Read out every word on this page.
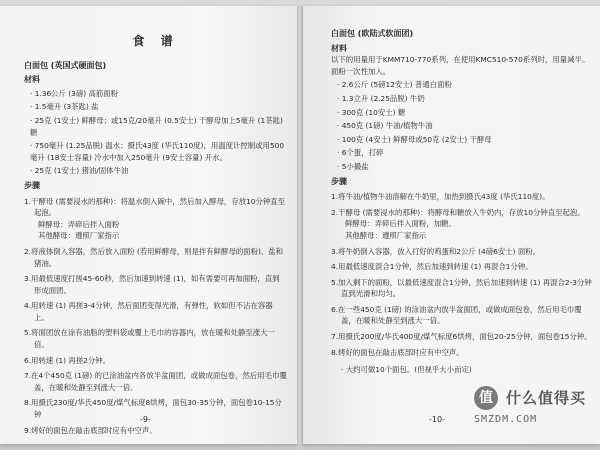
食 谱
白面包 (英国式硬面包)
材料
· 1.36公斤 (3磅) 高筋面粉
· 1.5毫升 (3茶匙) 盐
· 25克 (1安士) 鲜酵母；或15克/20毫升 (0.5安士) 干酵母加上5毫升 (1茶匙) 糖
· 750毫升 (1.25品脱) 温水；摄氏43度 (华氏110度)，用温度计控制或用500毫升 (18安士容量) 冷水中加入250毫升 (9安士容量) 开水。
· 25克 (1安士) 猪油/固体牛油
步骤
1.干酵母 (需要浸水的那种)：将温水倒入碗中，然后加入酵母，存放10分钟直至起泡。
鲜酵母：弄碎后拌入面粉
其他酵母：遵照厂家指示
2.将液体倒入容器，然后放入面粉 (若用鲜酵母，则是拌有鲜酵母的面粉)、盐和猪油。
3.用最低速度打搓45-60秒，然后加速到转速 (1)，如有需要可再加面粉，直到形成面团。
4.用转速 (1) 再搓3-4分钟，然后面团变得光滑，有弹性，软如但不沾在容器上。
5.将面团放在涂有油脂的塑料袋或覆上毛巾的容器内，放在暖和处静至涨大一倍。
6.用转速 (1) 再搓2分钟。
7.在4个450克 (1磅) 的已涂油盆内各放半盆面团，或做成面包卷，然后用毛巾覆盖，在暖和处静至到涨大一倍。
8.用摄氏230度/华氏450度/煤气标度8烘烤，面包30-35分钟，面包卷10-15分钟
9.烤好的面包在敲击底部时应有中空声。
-9-
白面包 (欧陆式软面团)
材料
以下的用量用于KMM710-770系列，在使用KMC510-570系列时，用量减半。面粉一次性加入。
· 2.6公斤 (5磅12安士) 普通白面粉
· 1.3立升 (2.25品脱) 牛奶
· 300克 (10安士) 糖
· 450克 (1磅) 牛油/植物牛油
· 100克 (4安士) 鲜酵母或50克 (2安士) 干酵母
· 6个蛋，打碎
· 5小撮盐
步骤
1.将牛油/植物牛油溶解在牛奶里，加热到摄氏43度 (华氏110度)。
2.干酵母 (需要浸水的那种)：将酵母和糖放入牛奶内，存放10分钟直至起泡。
鲜酵母：弄碎后拌入面粉，加糖。
其他酵母：遵照厂家指示
3.将牛奶倒入容器，放入打好的鸡蛋和2公斤 (4磅6安士) 面粉。
4.用最低速度混合1分钟，然后加速到转速 (1) 再混合1分钟。
5.加入剩下的面粉，以最低速度混合1分钟，然后加速到转速 (1) 再混合2-3分钟直到光滑和均匀。
6.在一些450克 (1磅) 的涂油盆内放半盆面团，或做成面包卷，然后用毛巾覆盖，在暖和处静至到涨大一倍。
7.用摄氏200度/华氏400度/煤气标度6烘烤，面包20-25分钟，面包卷15分钟。
8.烤好的面包在敲击底部时应有中空声。
· 大约可做10个面包。(但视乎大小而定)
-10-
值 什么值得买
SMZDM.COM
